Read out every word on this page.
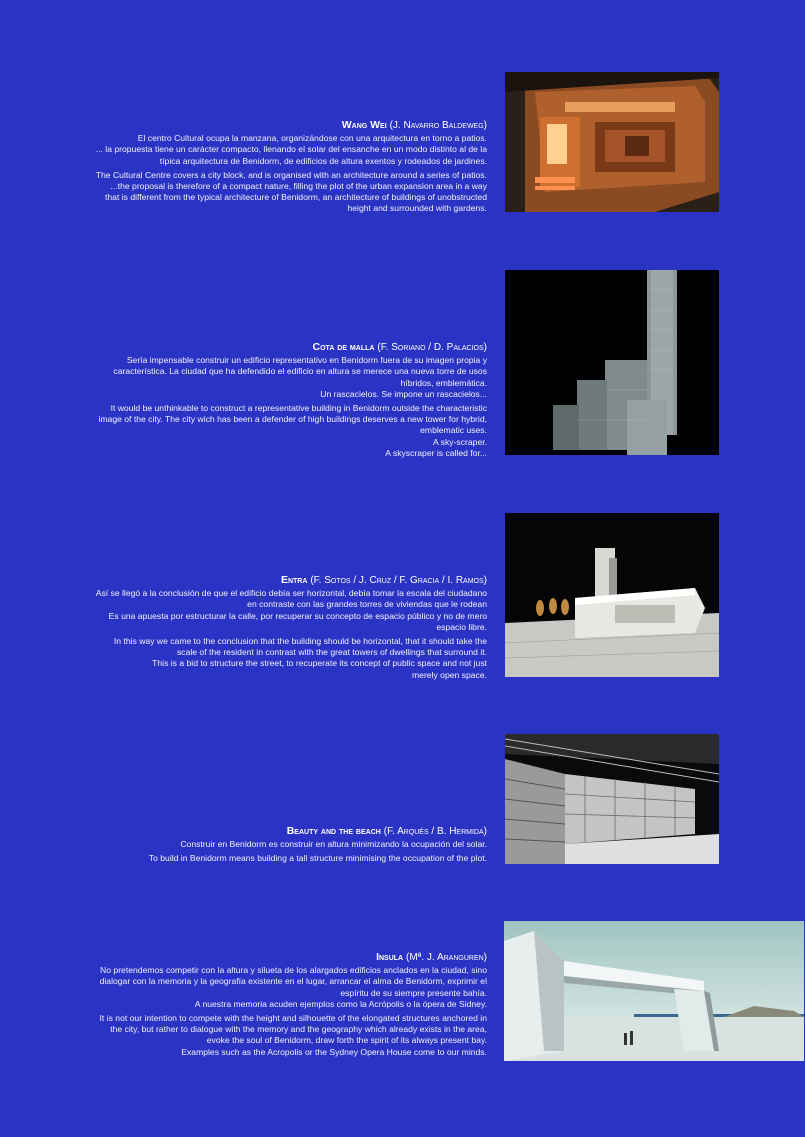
Wang Wei (J. Navarro Baldeweg)

El centro Cultural ocupa la manzana, organizándose con una arquitectura en torno a patios.
... la propuesta tiene un carácter compacto, llenando el solar del ensanche en un modo distinto al de la
típica arquitectura de Benidorm, de edificios de altura exentos y rodeados de jardines.

The Cultural Centre covers a city block, and is organised with an architecture around a series of patios.
...the proposal is therefore of a compact nature, filling the plot of the urban expansion area in a way
that is different from the typical architecture of Benidorm, an architecture of buildings of unobstructed
height and surrounded with gardens.

Cota de malla (F. Soriano / D. Palacios)

Sería impensable construir un edificio representativo en Benidorm fuera de su imagen propia y
característica. La ciudad que ha defendido el edificio en altura se merece una nueva torre de usos
híbridos, emblemática.
Un rascacielos. Se impone un rascacielos...

It would be unthinkable to construct a representative building in Benidorm outside the characteristic
image of the city. The city wich has been a defender of high buildings deserves a new tower for hybrid,
emblematic uses.
A sky-scraper.
A skyscraper is called for...

Entra (F. Sotos / J. Cruz / F. Gracia / I. Ramos)

Así se llegó a la conclusión de que el edificio debía ser horizontal, debía tomar la escala del ciudadano
en contraste con las grandes torres de viviendas que le rodean
Es una apuesta por estructurar la calle, por recuperar su concepto de espacio público y no de mero
espacio libre.

In this way we came to the conclusion that the building should be horizontal, that it should take the
scale of the resident in contrast with the great towers of dwellings that surround it.
This is a bid to structure the street, to recuperate its concept of public space and not just
merely open space.

Beauty and the beach (F. Arqués / B. Hermida)

Construir en Benidorm es construir en altura minimizando la ocupación del solar.

To build in Benidorm means building a tall structure minimising the occupation of the plot.

Insula (Mª. J. Aranguren)

No pretendemos competir con la altura y silueta de los alargados edificios anclados en la ciudad, sino
dialogar con la memoria y la geografía existente en el lugar, arrancar el alma de Benidorm, exprimir el
espíritu de su siempre presente bahía.
A nuestra memoria acuden ejemplos como la Acrópolis o la ópera de Sidney.

It is not our intention to compete with the height and silhouette of the elongated structures anchored in
the city, but rather to dialogue with the memory and the geography which already exists in the area,
evoke the soul of Benidorm, draw forth the spirit of its always present bay.
Examples such as the Acropolis or the Sydney Opera House come to our minds.
